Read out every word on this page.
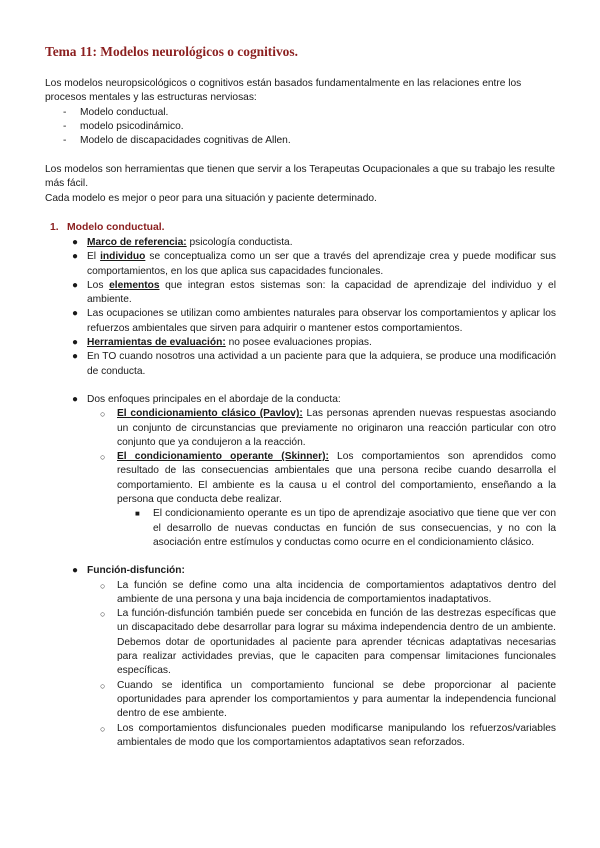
Tema 11: Modelos neurológicos o cognitivos.

Los modelos neuropsicológicos o cognitivos están basados fundamentalmente en las relaciones entre los procesos mentales y las estructuras nerviosas:

- Modelo conductual.
- modelo psicodinámico.
- Modelo de discapacidades cognitivas de Allen.

Los modelos son herramientas que tienen que servir a los Terapeutas Ocupacionales a que su trabajo les resulte más fácil.

Cada modelo es mejor o peor para una situación y paciente determinado.

1. Modelo conductual.
● Marco de referencia: psicología conductista.
● El individuo se conceptualiza como un ser que a través del aprendizaje crea y puede modificar sus comportamientos, en los que aplica sus capacidades funcionales.
● Los elementos que integran estos sistemas son: la capacidad de aprendizaje del individuo y el ambiente.
● Las ocupaciones se utilizan como ambientes naturales para observar los comportamientos y aplicar los refuerzos ambientales que sirven para adquirir o mantener estos comportamientos.
● Herramientas de evaluación: no posee evaluaciones propias.
● En TO cuando nosotros una actividad a un paciente para que la adquiera, se produce una modificación de conducta.
● Dos enfoques principales en el abordaje de la conducta:
○ El condicionamiento clásico (Pavlov): Las personas aprenden nuevas respuestas asociando un conjunto de circunstancias que previamente no originaron una reacción particular con otro conjunto que ya condujeron a la reacción.
○ El condicionamiento operante (Skinner): Los comportamientos son aprendidos como resultado de las consecuencias ambientales que una persona recibe cuando desarrolla el comportamiento. El ambiente es la causa u el control del comportamiento, enseñando a la persona que conducta debe realizar.
■ El condicionamiento operante es un tipo de aprendizaje asociativo que tiene que ver con el desarrollo de nuevas conductas en función de sus consecuencias, y no con la asociación entre estímulos y conductas como ocurre en el condicionamiento clásico.
● Función-disfunción:
○ La función se define como una alta incidencia de comportamientos adaptativos dentro del ambiente de una persona y una baja incidencia de comportamientos inadaptativos.
○ La función-disfunción también puede ser concebida en función de las destrezas específicas que un discapacitado debe desarrollar para lograr su máxima independencia dentro de un ambiente. Debemos dotar de oportunidades al paciente para aprender técnicas adaptativas necesarias para realizar actividades previas, que le capaciten para compensar limitaciones funcionales específicas.
○ Cuando se identifica un comportamiento funcional se debe proporcionar al paciente oportunidades para aprender los comportamientos y para aumentar la independencia funcional dentro de ese ambiente.
○ Los comportamientos disfuncionales pueden modificarse manipulando los refuerzos/variables ambientales de modo que los comportamientos adaptativos sean reforzados.
